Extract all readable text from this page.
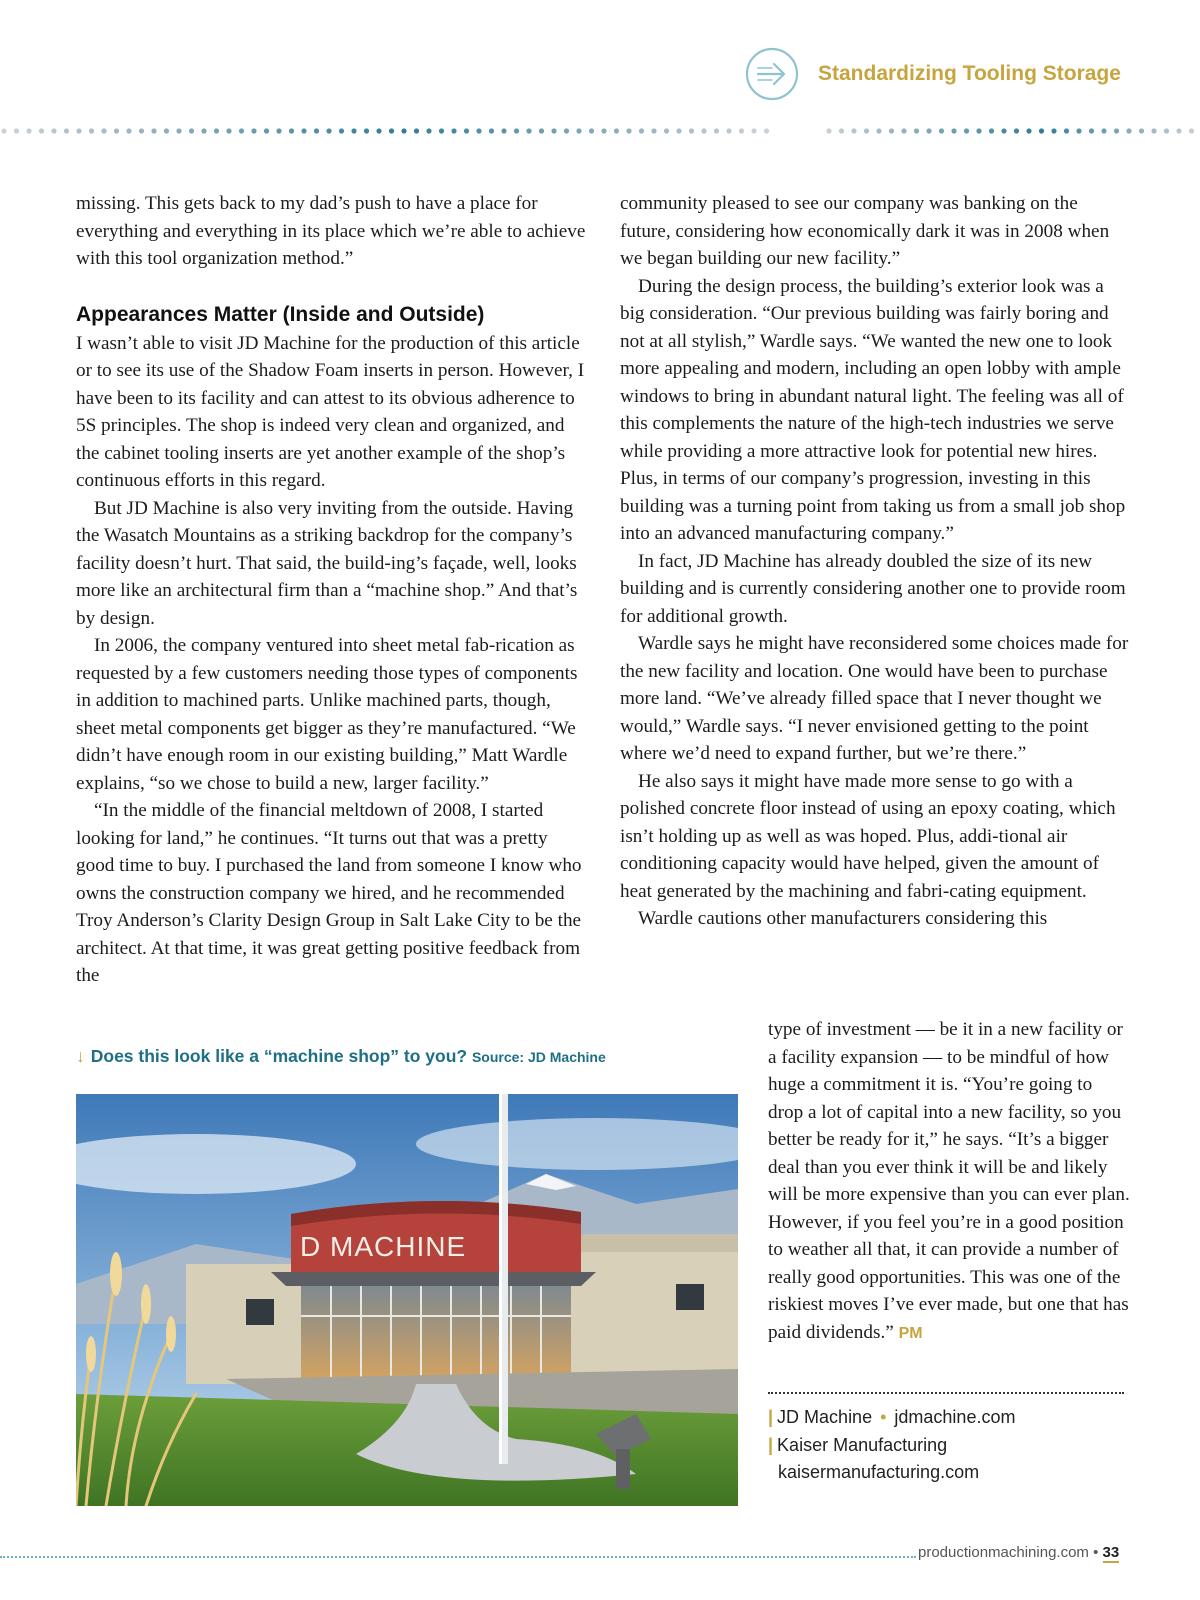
Standardizing Tooling Storage

missing. This gets back to my dad’s push to have a place for everything and everything in its place which we’re able to achieve with this tool organization method.”

Appearances Matter (Inside and Outside)

I wasn’t able to visit JD Machine for the production of this article or to see its use of the Shadow Foam inserts in person. However, I have been to its facility and can attest to its obvious adherence to 5S principles. The shop is indeed very clean and organized, and the cabinet tooling inserts are yet another example of the shop’s continuous efforts in this regard.

But JD Machine is also very inviting from the outside. Having the Wasatch Mountains as a striking backdrop for the company’s facility doesn’t hurt. That said, the build-ing’s façade, well, looks more like an architectural firm than a “machine shop.” And that’s by design.

In 2006, the company ventured into sheet metal fab-rication as requested by a few customers needing those types of components in addition to machined parts. Unlike machined parts, though, sheet metal components get bigger as they’re manufactured. “We didn’t have enough room in our existing building,” Matt Wardle explains, “so we chose to build a new, larger facility.”

“In the middle of the financial meltdown of 2008, I started looking for land,” he continues. “It turns out that was a pretty good time to buy. I purchased the land from someone I know who owns the construction company we hired, and he recommended Troy Anderson’s Clarity Design Group in Salt Lake City to be the architect. At that time, it was great getting positive feedback from the

community pleased to see our company was banking on the future, considering how economically dark it was in 2008 when we began building our new facility.”

During the design process, the building’s exterior look was a big consideration. “Our previous building was fairly boring and not at all stylish,” Wardle says. “We wanted the new one to look more appealing and modern, including an open lobby with ample windows to bring in abundant natural light. The feeling was all of this complements the nature of the high-tech industries we serve while providing a more attractive look for potential new hires. Plus, in terms of our company’s progression, investing in this building was a turning point from taking us from a small job shop into an advanced manufacturing company.”

In fact, JD Machine has already doubled the size of its new building and is currently considering another one to provide room for additional growth.

Wardle says he might have reconsidered some choices made for the new facility and location. One would have been to purchase more land. “We’ve already filled space that I never thought we would,” Wardle says. “I never envisioned getting to the point where we’d need to expand further, but we’re there.”

He also says it might have made more sense to go with a polished concrete floor instead of using an epoxy coating, which isn’t holding up as well as was hoped. Plus, addi-tional air conditioning capacity would have helped, given the amount of heat generated by the machining and fabri-cating equipment.

Wardle cautions other manufacturers considering this

type of investment — be it in a new facility or a facility expansion — to be mindful of how huge a commitment it is. “You’re going to drop a lot of capital into a new facility, so you better be ready for it,” he says. “It’s a bigger deal than you ever think it will be and likely will be more expensive than you can ever plan. However, if you feel you’re in a good position to weather all that, it can provide a number of really good opportunities. This was one of the riskiest moves I’ve ever made, but one that has paid dividends.” PM

↓ Does this look like a “machine shop” to you? Source: JD Machine
D MACHINE
| JD Machine • jdmachine.com
| Kaiser Manufacturing
kaisermanufacturing.com
productionmachining.com • 33
